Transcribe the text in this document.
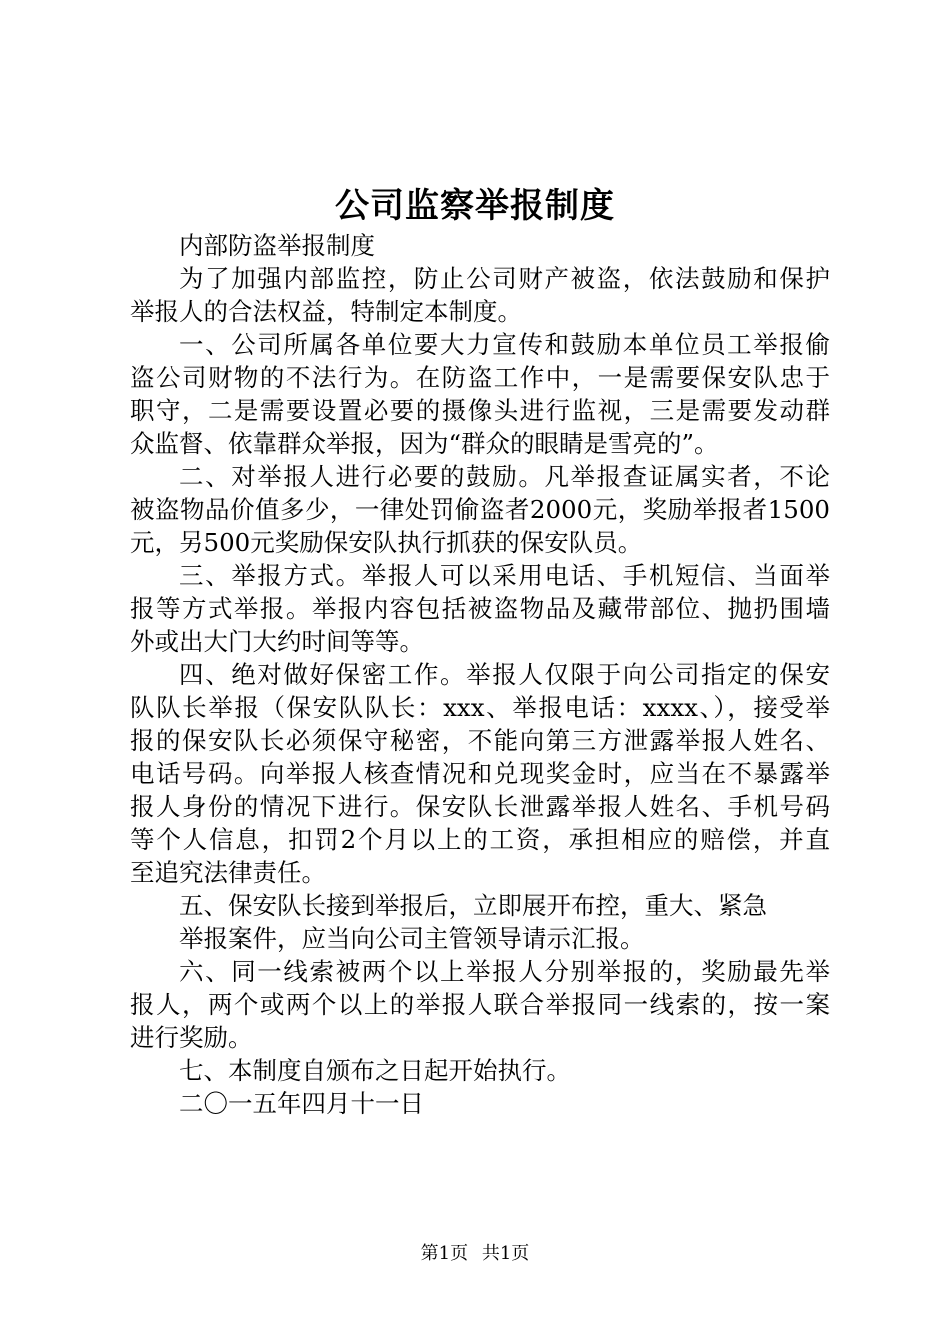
公司监察举报制度
内部防盗举报制度
为了加强内部监控，防止公司财产被盗，依法鼓励和保护
举报人的合法权益，特制定本制度。
一、公司所属各单位要大力宣传和鼓励本单位员工举报偷
盗公司财物的不法行为。在防盗工作中，一是需要保安队忠于
职守，二是需要设置必要的摄像头进行监视，三是需要发动群
众监督、依靠群众举报，因为“群众的眼睛是雪亮的”。
二、对举报人进行必要的鼓励。凡举报查证属实者，不论
被盗物品价值多少，一律处罚偷盗者2000元，奖励举报者1500
元，另500元奖励保安队执行抓获的保安队员。
三、举报方式。举报人可以采用电话、手机短信、当面举
报等方式举报。举报内容包括被盗物品及藏带部位、抛扔围墙
外或出大门大约时间等等。
四、绝对做好保密工作。举报人仅限于向公司指定的保安
队队长举报（保安队队长：xxx、举报电话：xxxx、），接受举
报的保安队长必须保守秘密，不能向第三方泄露举报人姓名、
电话号码。向举报人核查情况和兑现奖金时，应当在不暴露举
报人身份的情况下进行。保安队长泄露举报人姓名、手机号码
等个人信息，扣罚2个月以上的工资，承担相应的赔偿，并直
至追究法律责任。
五、保安队长接到举报后，立即展开布控，重大、紧急
举报案件，应当向公司主管领导请示汇报。
六、同一线索被两个以上举报人分别举报的，奖励最先举
报人，两个或两个以上的举报人联合举报同一线索的，按一案
进行奖励。
七、本制度自颁布之日起开始执行。
二〇一五年四月十一日
第1页 共1页
